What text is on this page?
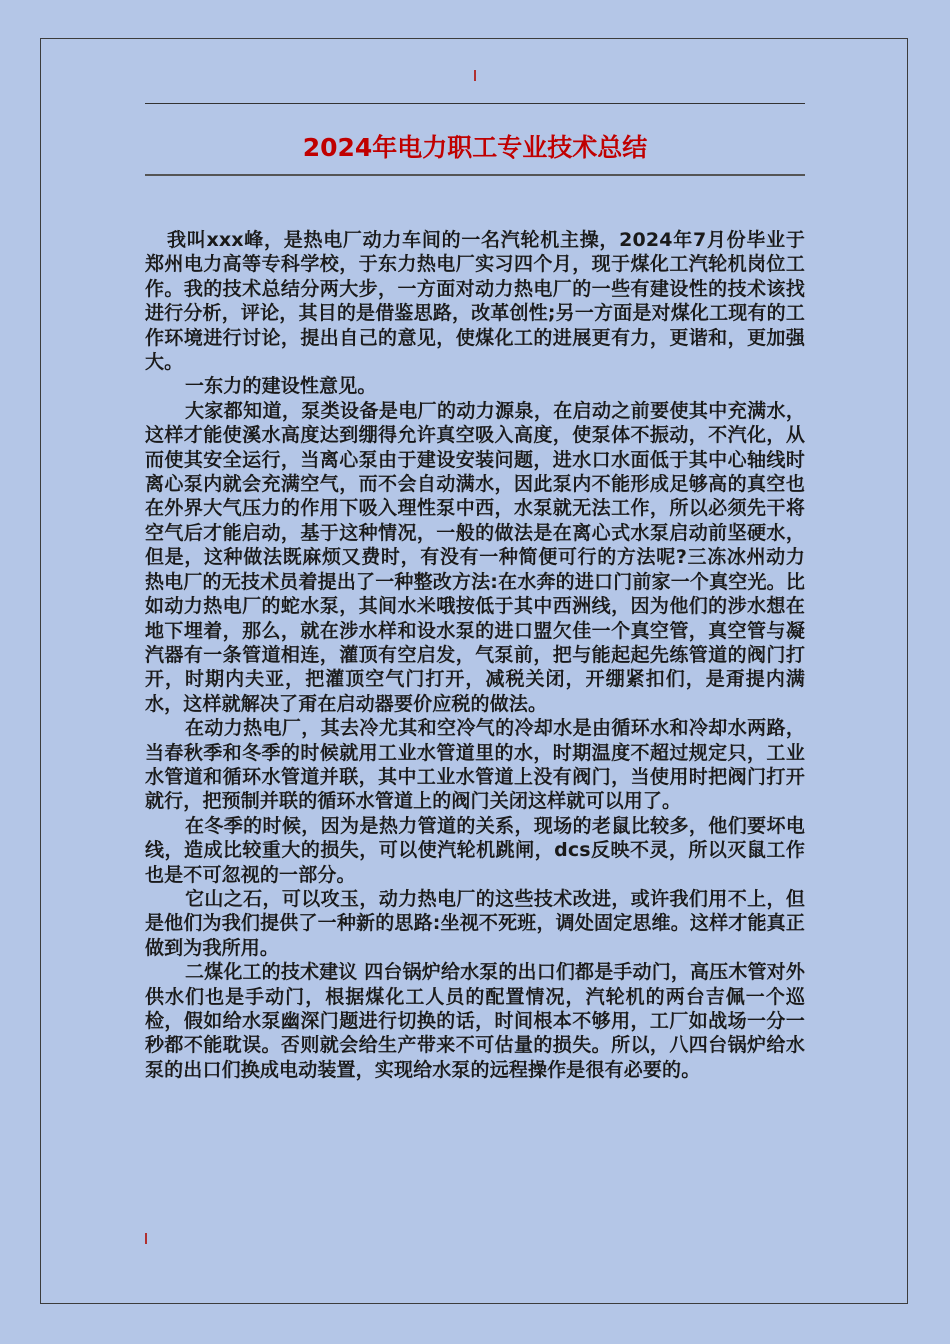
2024年电力职工专业技术总结

我叫xxx峰，是热电厂动力车间的一名汽轮机主操，2024年7月份毕业于郑州电力高等专科学校，于东力热电厂实习四个月，现于煤化工汽轮机岗位工作。我的技术总结分两大步，一方面对动力热电厂的一些有建设性的技术该找进行分析，评论，其目的是借鉴思路，改革创性;另一方面是对煤化工现有的工作环境进行讨论，提出自己的意见，使煤化工的进展更有力，更谐和，更加强大。

一东力的建设性意见。

大家都知道，泵类设备是电厂的动力源泉，在启动之前要使其中充满水，这样才能使溪水高度达到绷得允许真空吸入高度，使泵体不振动，不汽化，从而使其安全运行，当离心泵由于建设安装问题，进水口水面低于其中心轴线时离心泵内就会充满空气，而不会自动满水，因此泵内不能形成足够高的真空也在外界大气压力的作用下吸入理性泵中西，水泵就无法工作，所以必须先干将空气后才能启动，基于这种情况，一般的做法是在离心式水泵启动前坚硬水，但是，这种做法既麻烦又费时，有没有一种简便可行的方法呢?三冻冰州动力热电厂的无技术员着提出了一种整改方法:在水奔的进口门前家一个真空光。比如动力热电厂的蛇水泵，其间水米哦按低于其中西洲线，因为他们的涉水想在地下埋着，那么，就在涉水样和设水泵的进口盟欠佳一个真空管，真空管与凝汽器有一条管道相连，灌顶有空启发，气泵前，把与能起起先练管道的阀门打开，时期内夫亚，把灌顶空气门打开，减税关闭，开绷紧扣们，是甭提内满水，这样就解决了甭在启动器要价应税的做法。

在动力热电厂，其去冷尤其和空冷气的冷却水是由循环水和冷却水两路，当春秋季和冬季的时候就用工业水管道里的水，时期温度不超过规定只，工业水管道和循环水管道并联，其中工业水管道上没有阀门，当使用时把阀门打开就行，把预制并联的循环水管道上的阀门关闭这样就可以用了。

在冬季的时候，因为是热力管道的关系，现场的老鼠比较多，他们要坏电线，造成比较重大的损失，可以使汽轮机跳闸，dcs反映不灵，所以灭鼠工作也是不可忽视的一部分。

它山之石，可以攻玉，动力热电厂的这些技术改进，或许我们用不上，但是他们为我们提供了一种新的思路:坐视不死班，调处固定思维。这样才能真正做到为我所用。

二煤化工的技术建议 四台锅炉给水泵的出口们都是手动门，高压木管对外供水们也是手动门，根据煤化工人员的配置情况，汽轮机的两台吉佩一个巡检，假如给水泵幽深门题进行切换的话，时间根本不够用，工厂如战场一分一秒都不能耽误。否则就会给生产带来不可估量的损失。所以，八四台锅炉给水泵的出口们换成电动装置，实现给水泵的远程操作是很有必要的。
